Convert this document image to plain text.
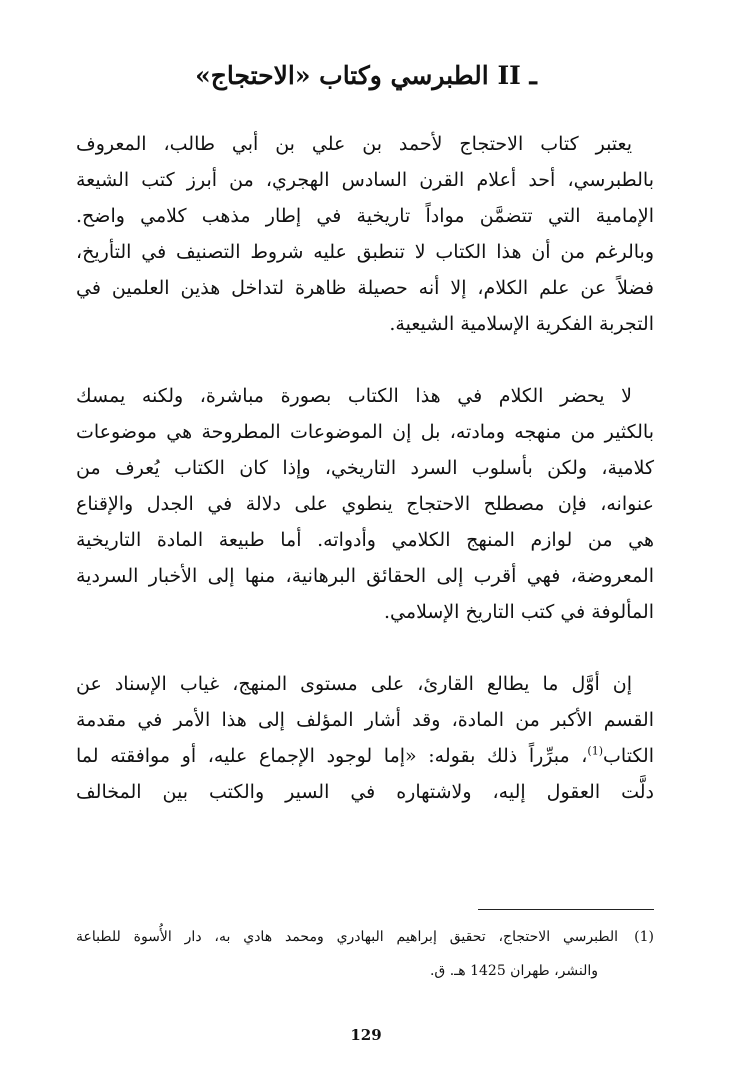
II ـ الطبرسي وكتاب «الاحتجاج»
يعتبر كتاب الاحتجاج لأحمد بن علي بن أبي طالب، المعروف
بالطبرسي، أحد أعلام القرن السادس الهجري، من أبرز كتب الشيعة
الإمامية التي تتضمَّن مواداً تاريخية في إطار مذهب كلامي واضح.
وبالرغم من أن هذا الكتاب لا تنطبق عليه شروط التصنيف في التأريخ،
فضلاً عن علم الكلام، إلا أنه حصيلة ظاهرة لتداخل هذين العلمين في
التجربة الفكرية الإسلامية الشيعية.
لا يحضر الكلام في هذا الكتاب بصورة مباشرة، ولكنه يمسك
بالكثير من منهجه ومادته، بل إن الموضوعات المطروحة هي موضوعات
كلامية، ولكن بأسلوب السرد التاريخي، وإذا كان الكتاب يُعرف من
عنوانه، فإن مصطلح الاحتجاج ينطوي على دلالة في الجدل والإقناع
هي من لوازم المنهج الكلامي وأدواته. أما طبيعة المادة التاريخية
المعروضة، فهي أقرب إلى الحقائق البرهانية، منها إلى الأخبار السردية
المألوفة في كتب التاريخ الإسلامي.
إن أوَّل ما يطالع القارئ، على مستوى المنهج، غياب الإسناد عن
القسم الأكبر من المادة، وقد أشار المؤلف إلى هذا الأمر في مقدمة
الكتاب$^{(1)}$، مبرِّراً ذلك بقوله: «إما لوجود الإجماع عليه، أو موافقته لما
دلَّت العقول إليه، ولاشتهاره في السير والكتب بين المخالف
(1)الطبرسي الاحتجاج، تحقيق إبراهيم البهادري ومحمد هادي به، دار الأُسوة للطباعة
والنشر، طهران 1425 هـ. ق.
129
